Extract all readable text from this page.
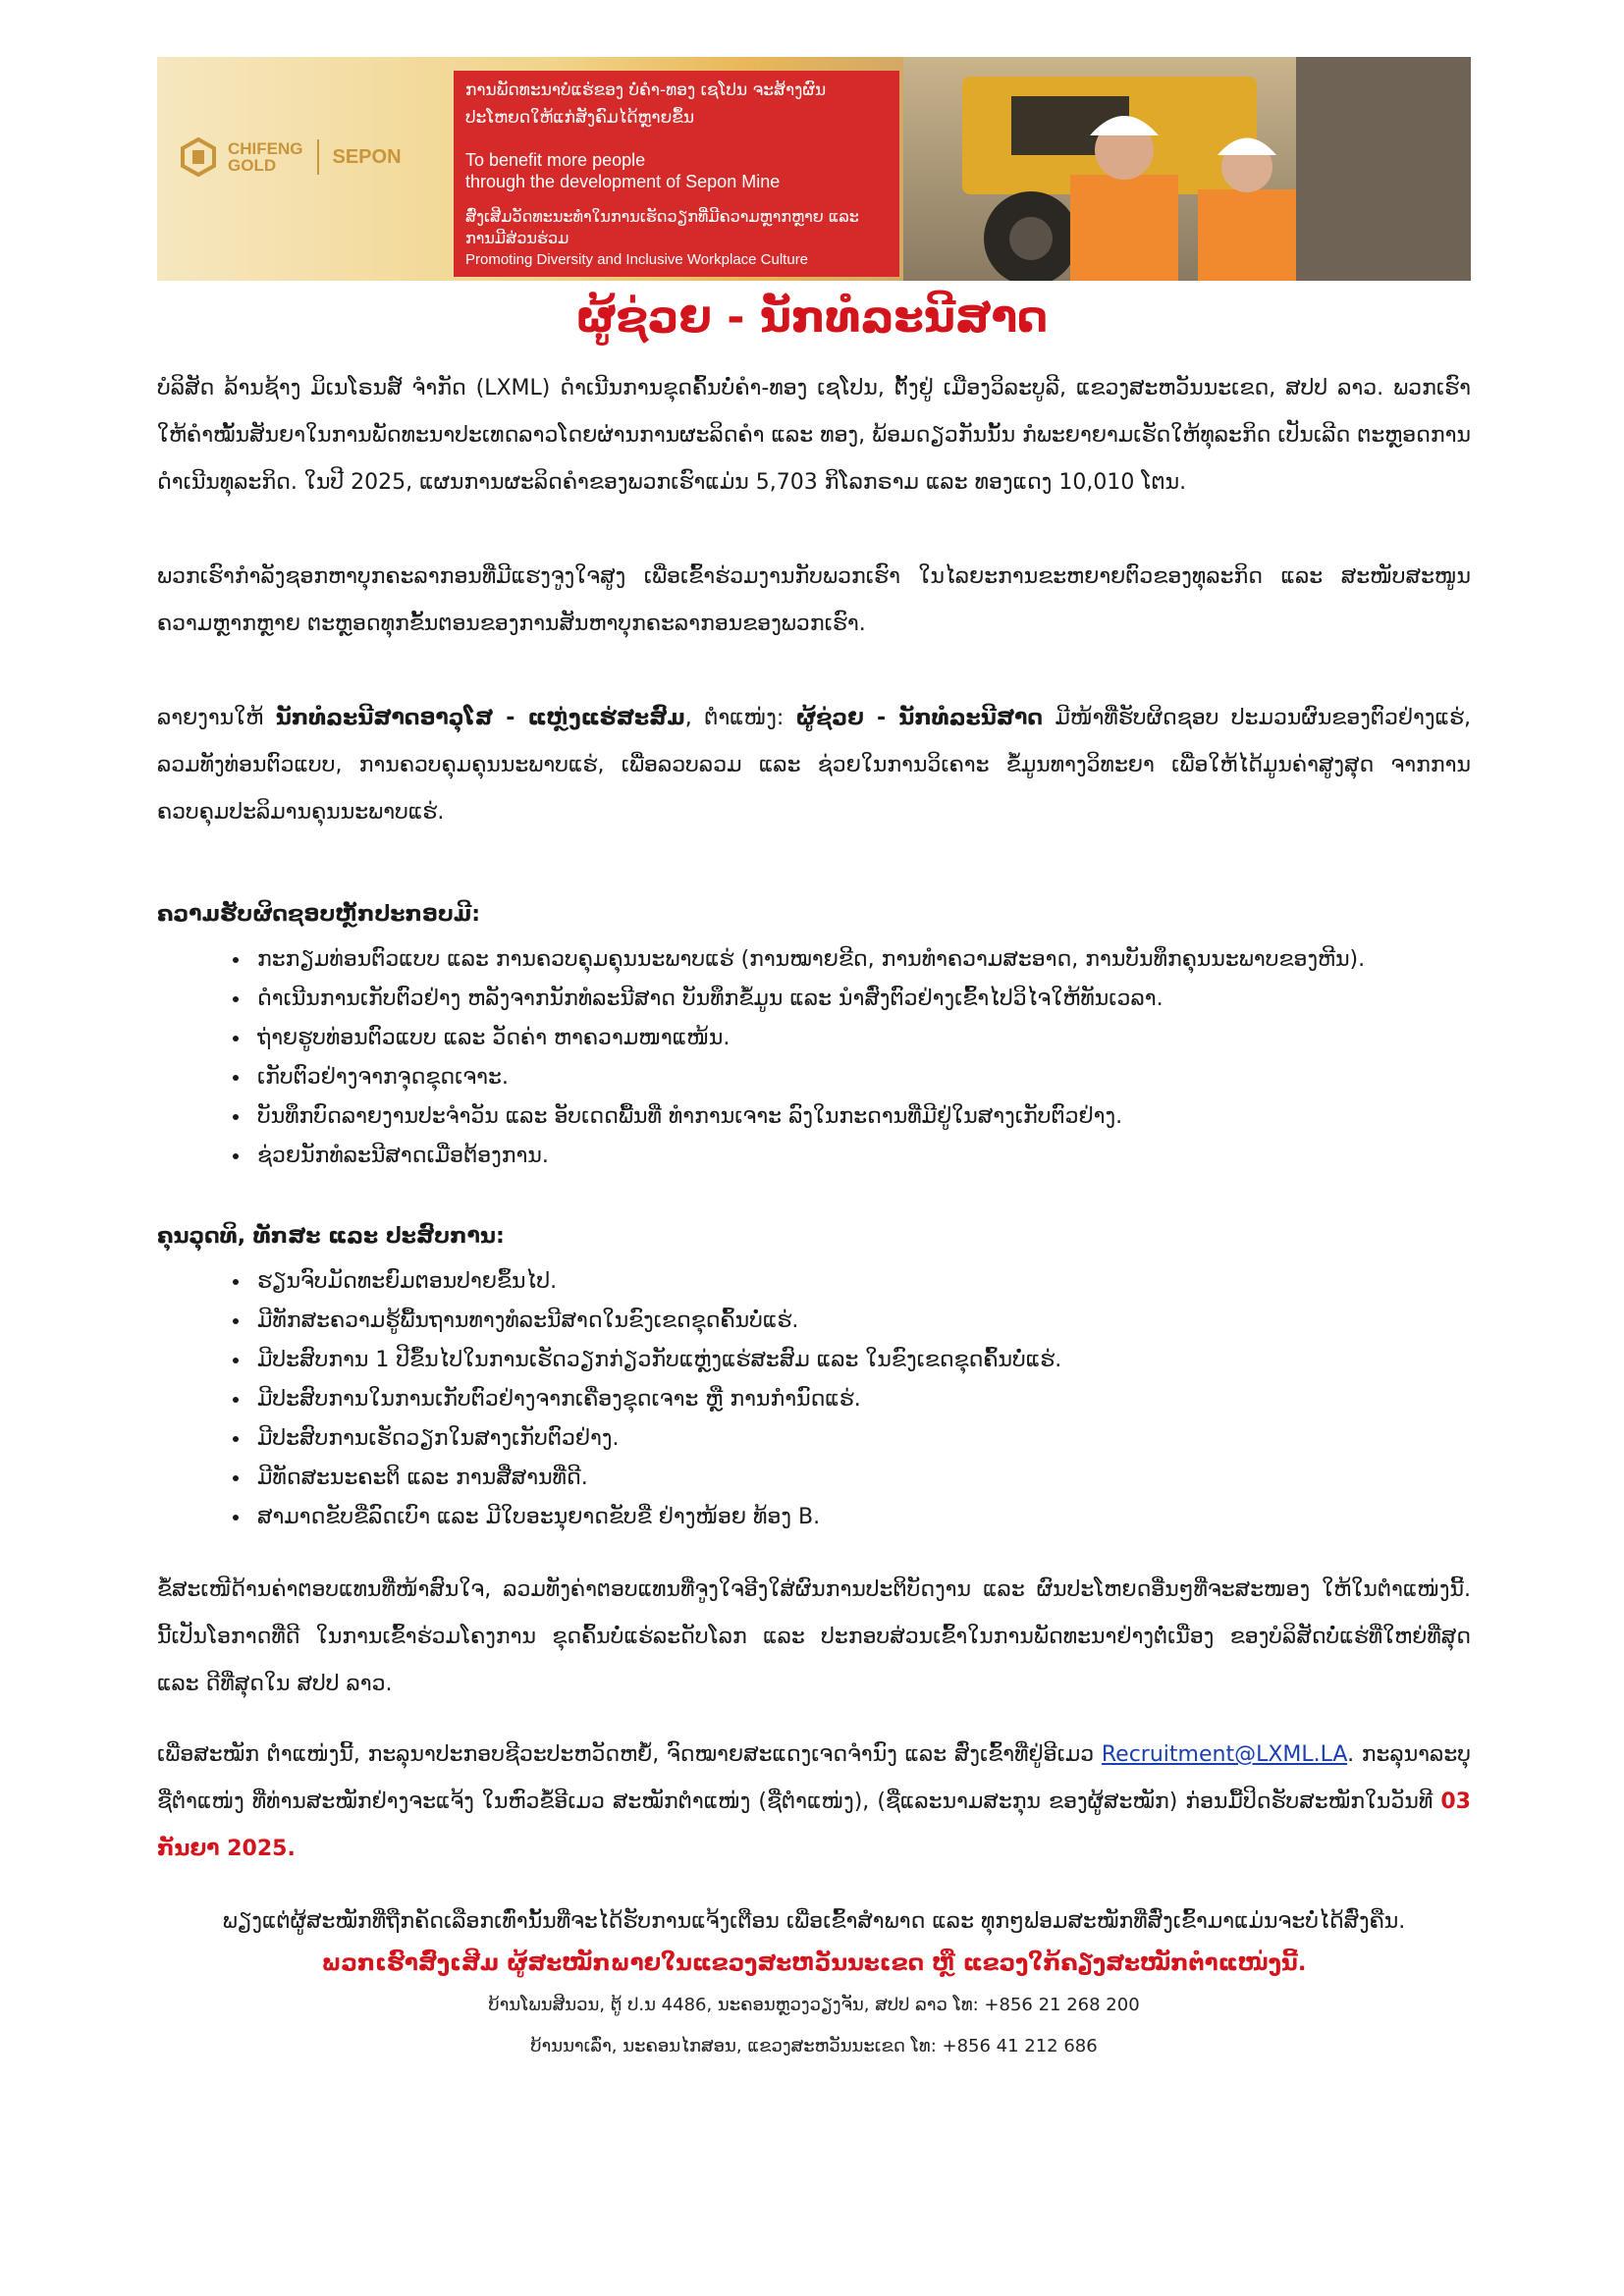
CHIFENG
GOLD	SEPON
ການພັດທະນາບໍ່ແຮ່ຂອງ ບໍ່ຄໍາ-ທອງ ເຊໂປນ ຈະສ້າງຜົນປະໂຫຍດໃຫ້ແກ່ສັງຄົມໄດ້ຫຼາຍຂຶ້ນ
To benefit more people
through the development of Sepon Mine
ສົ່ງເສີມວັດທະນະທໍາໃນການເຮັດວຽກທີ່ມີຄວາມຫຼາກຫຼາຍ ແລະ ການມີສ່ວນຮ່ວມ
Promoting Diversity and Inclusive Workplace Culture
ຜູ້ຊ່ວຍ - ນັກທໍລະນີສາດ

ບໍລິສັດ ລ້ານຊ້າງ ມິເນໂຣນສ໌ ຈໍາກັດ (LXML) ດໍາເນີນການຂຸດຄົ້ນບໍ່ຄໍາ-ທອງ ເຊໂປນ, ຕັ້ງຢູ່ ເມືອງວິລະບູລີ, ແຂວງສະຫວັນນະເຂດ, ສປປ ລາວ. ພວກເຮົາ ໃຫ້ຄໍາໝັ້ນສັນຍາໃນການພັດທະນາປະເທດລາວໂດຍຜ່ານການຜະລິດຄໍາ ແລະ ທອງ, ພ້ອມດຽວກັນນັ້ນ ກໍພະຍາຍາມເຮັດໃຫ້ທຸລະກິດ ເປັນເລີດ ຕະຫຼອດການດໍາເນີນທຸລະກິດ. ໃນປີ 2025, ແຜນການຜະລິດຄໍາຂອງພວກເຮົາແມ່ນ 5,703 ກິໂລກຣາມ ແລະ ທອງແດງ 10,010 ໂຕນ.

ພວກເຮົາກໍາລັງຊອກຫາບຸກຄະລາກອນທີ່ມີແຮງຈູງໃຈສູງ ເພື່ອເຂົ້າຮ່ວມງານກັບພວກເຮົາ ໃນໄລຍະການຂະຫຍາຍຕົວຂອງທຸລະກິດ ແລະ ສະໜັບສະໜູນຄວາມຫຼາກຫຼາຍ ຕະຫຼອດທຸກຂັ້ນຕອນຂອງການສັນຫາບຸກຄະລາກອນຂອງພວກເຮົາ.

ລາຍງານໃຫ້ ນັກທໍລະນີສາດອາວຸໂສ - ແຫຼ່ງແຮ່ສະສົມ, ຕໍາແໜ່ງ: ຜູ້ຊ່ວຍ - ນັກທໍລະນີສາດ ມີໜ້າທີ່ຮັບຜິດຊອບ ປະມວນຜົນຂອງຕົວຢ່າງແຮ່, ລວມທັງທ່ອນຕົວແບບ, ການຄວບຄຸມຄຸນນະພາບແຮ່, ເພື່ອລວບລວມ ແລະ ຊ່ວຍໃນການວິເຄາະ ຂໍ້ມູນທາງວິທະຍາ ເພື່ອໃຫ້ໄດ້ມູນຄ່າສູງສຸດ ຈາກການຄວບຄຸມປະລິມານຄຸນນະພາບແຮ່.

ຄວາມຮັບຜິດຊອບຫຼັກປະກອບມີ:
• ກະກຽມທ່ອນຕົວແບບ ແລະ ການຄວບຄຸມຄຸນນະພາບແຮ່ (ການໝາຍຂີດ, ການທໍາຄວາມສະອາດ, ການບັນທຶກຄຸນນະພາບຂອງຫີນ).
• ດໍາເນີນການເກັບຕົວຢ່າງ ຫລັງຈາກນັກທໍລະນີສາດ ບັນທຶກຂໍ້ມູນ ແລະ ນໍາສົ່ງຕົວຢ່າງເຂົ້າໄປວິໄຈໃຫ້ທັນເວລາ.
• ຖ່າຍຮູບທ່ອນຕົວແບບ ແລະ ວັດຄ່າ ຫາຄວາມໜາແໜ້ນ.
• ເກັບຕົວຢ່າງຈາກຈຸດຂຸດເຈາະ.
• ບັນທຶກບົດລາຍງານປະຈໍາວັນ ແລະ ອັບເດດພື້ນທີ່ ທໍາການເຈາະ ລົງໃນກະດານທີ່ມີຢູ່ໃນສາງເກັບຕົວຢ່າງ.
• ຊ່ວຍນັກທໍລະນີສາດເມື່ອຕ້ອງການ.
ຄຸນວຸດທິ, ທັກສະ ແລະ ປະສົບການ:
• ຮຽນຈົບມັດທະຍົມຕອນປາຍຂຶ້ນໄປ.
• ມີທັກສະຄວາມຮູ້ພື້ນຖານທາງທໍລະນີສາດໃນຂົງເຂດຂຸດຄົ້ນບໍ່ແຮ່.
• ມີປະສົບການ 1 ປີຂຶ້ນໄປໃນການເຮັດວຽກກ່ຽວກັບແຫຼ່ງແຮ່ສະສົມ ແລະ ໃນຂົງເຂດຂຸດຄົ້ນບໍ່ແຮ່.
• ມີປະສົບການໃນການເກັບຕົວຢ່າງຈາກເຄື່ອງຂຸດເຈາະ ຫຼື ການກໍານົດແຮ່.
• ມີປະສົບການເຮັດວຽກໃນສາງເກັບຕົວຢ່າງ.
• ມີທັດສະນະຄະຕິ ແລະ ການສື່ສານທີ່ດີ.
• ສາມາດຂັບຂີ່ລົດເບົາ ແລະ ມີໃບອະນຸຍາດຂັບຂີ່ ຢ່າງໜ້ອຍ ທ້ອງ B.

ຂໍ້ສະເໜີດ້ານຄ່າຕອບແທນທີ່ໜ້າສົນໃຈ, ລວມທັງຄ່າຕອບແທນທີ່ຈູງໃຈອີງໃສ່ຜົນການປະຕິບັດງານ ແລະ ຜົນປະໂຫຍດອື່ນໆທີ່ຈະສະໜອງ ໃຫ້ໃນຕໍາແໜ່ງນີ້. ນີ້ເປັນໂອກາດທີ່ດີ ໃນການເຂົ້າຮ່ວມໂຄງການ ຂຸດຄົ້ນບໍ່ແຮ່ລະດັບໂລກ ແລະ ປະກອບສ່ວນເຂົ້າໃນການພັດທະນາຢ່າງຕໍ່ເນື່ອງ ຂອງບໍລິສັດບໍ່ແຮ່ທີ່ໃຫຍ່ທີ່ສຸດ ແລະ ດີທີ່ສຸດໃນ ສປປ ລາວ.

ເພື່ອສະໝັກ ຕໍາແໜ່ງນີ້, ກະລຸນາປະກອບຊີວະປະຫວັດຫຍໍ້, ຈົດໝາຍສະແດງເຈດຈໍານົງ ແລະ ສົ່ງເຂົ້າທີ່ຢູ່ອີເມວ Recruitment@LXML.LA. ກະລຸນາລະບຸ ຊື່ຕໍາແໜ່ງ ທີ່ທ່ານສະໝັກຢ່າງຈະແຈ້ງ ໃນຫົວຂໍ້ອີເມວ ສະໝັກຕໍາແໜ່ງ (ຊື່ຕໍາແໜ່ງ), (ຊື່ແລະນາມສະກຸນ ຂອງຜູ້ສະໝັກ) ກ່ອນມື້ປິດຮັບສະໝັກໃນວັນທີ 03 ກັນຍາ 2025.

ພຽງແຕ່ຜູ້ສະໝັກທີ່ຖືກຄັດເລືອກເທົ່ານັ້ນທີ່ຈະໄດ້ຮັບການແຈ້ງເຕືອນ ເພື່ອເຂົ້າສໍາພາດ ແລະ ທຸກໆຟອມສະໝັກທີ່ສົ່ງເຂົ້າມາແມ່ນຈະບໍ່ໄດ້ສົ່ງຄືນ.
ພວກເຮົາສົ່ງເສີມ ຜູ້ສະໝັກພາຍໃນແຂວງສະຫວັນນະເຂດ ຫຼື ແຂວງໃກ້ຄຽງສະໝັກຕໍາແໜ່ງນີ້.
ບ້ານໂພນສີນວນ, ຕູ້ ປ.ນ 4486, ນະຄອນຫຼວງວຽງຈັນ, ສປປ ລາວ ໂທ: +856 21 268 200
ບ້ານນາເລົ່າ, ນະຄອນໄກສອນ, ແຂວງສະຫວັນນະເຂດ ໂທ: +856 41 212 686
